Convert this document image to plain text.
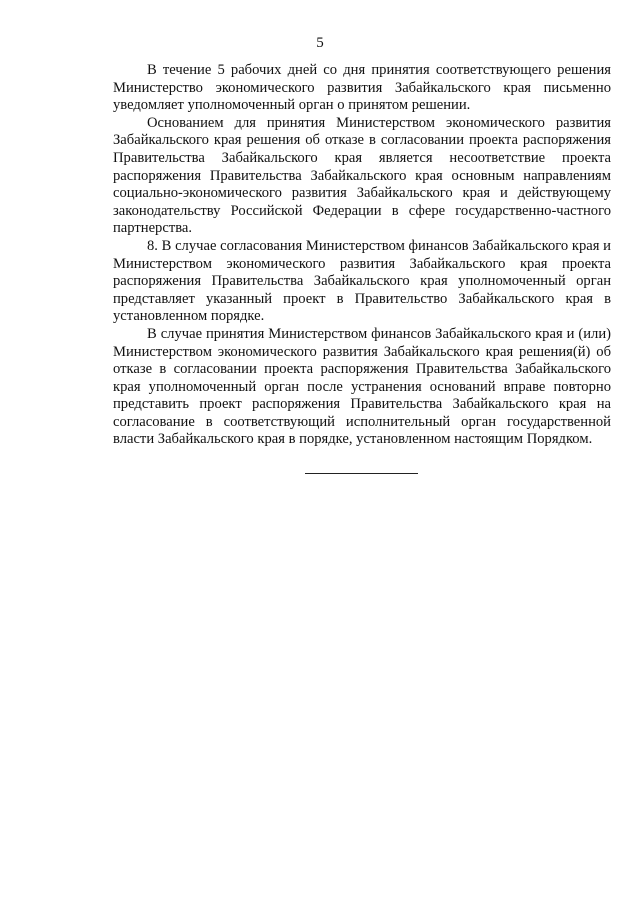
5

В течение 5 рабочих дней со дня принятия соответствующего решения Министерство экономического развития Забайкальского края письменно уведомляет уполномоченный орган о принятом решении.

Основанием для принятия Министерством экономического развития Забайкальского края решения об отказе в согласовании проекта распоряжения Правительства Забайкальского края является несоответствие проекта распоряжения Правительства Забайкальского края основным направлениям социально-экономического развития Забайкальского края и действующему законодательству Российской Федерации в сфере государственно-частного партнерства.

8. В случае согласования Министерством финансов Забайкальского края и Министерством экономического развития Забайкальского края проекта распоряжения Правительства Забайкальского края уполномоченный орган представляет указанный проект в Правительство Забайкальского края в установленном порядке.

В случае принятия Министерством финансов Забайкальского края и (или) Министерством экономического развития Забайкальского края решения(й) об отказе в согласовании проекта распоряжения Правительства Забайкальского края уполномоченный орган после устранения оснований вправе повторно представить проект распоряжения Правительства Забайкальского края на согласование в соответствующий исполнительный орган государственной власти Забайкальского края в порядке, установленном настоящим Порядком.
